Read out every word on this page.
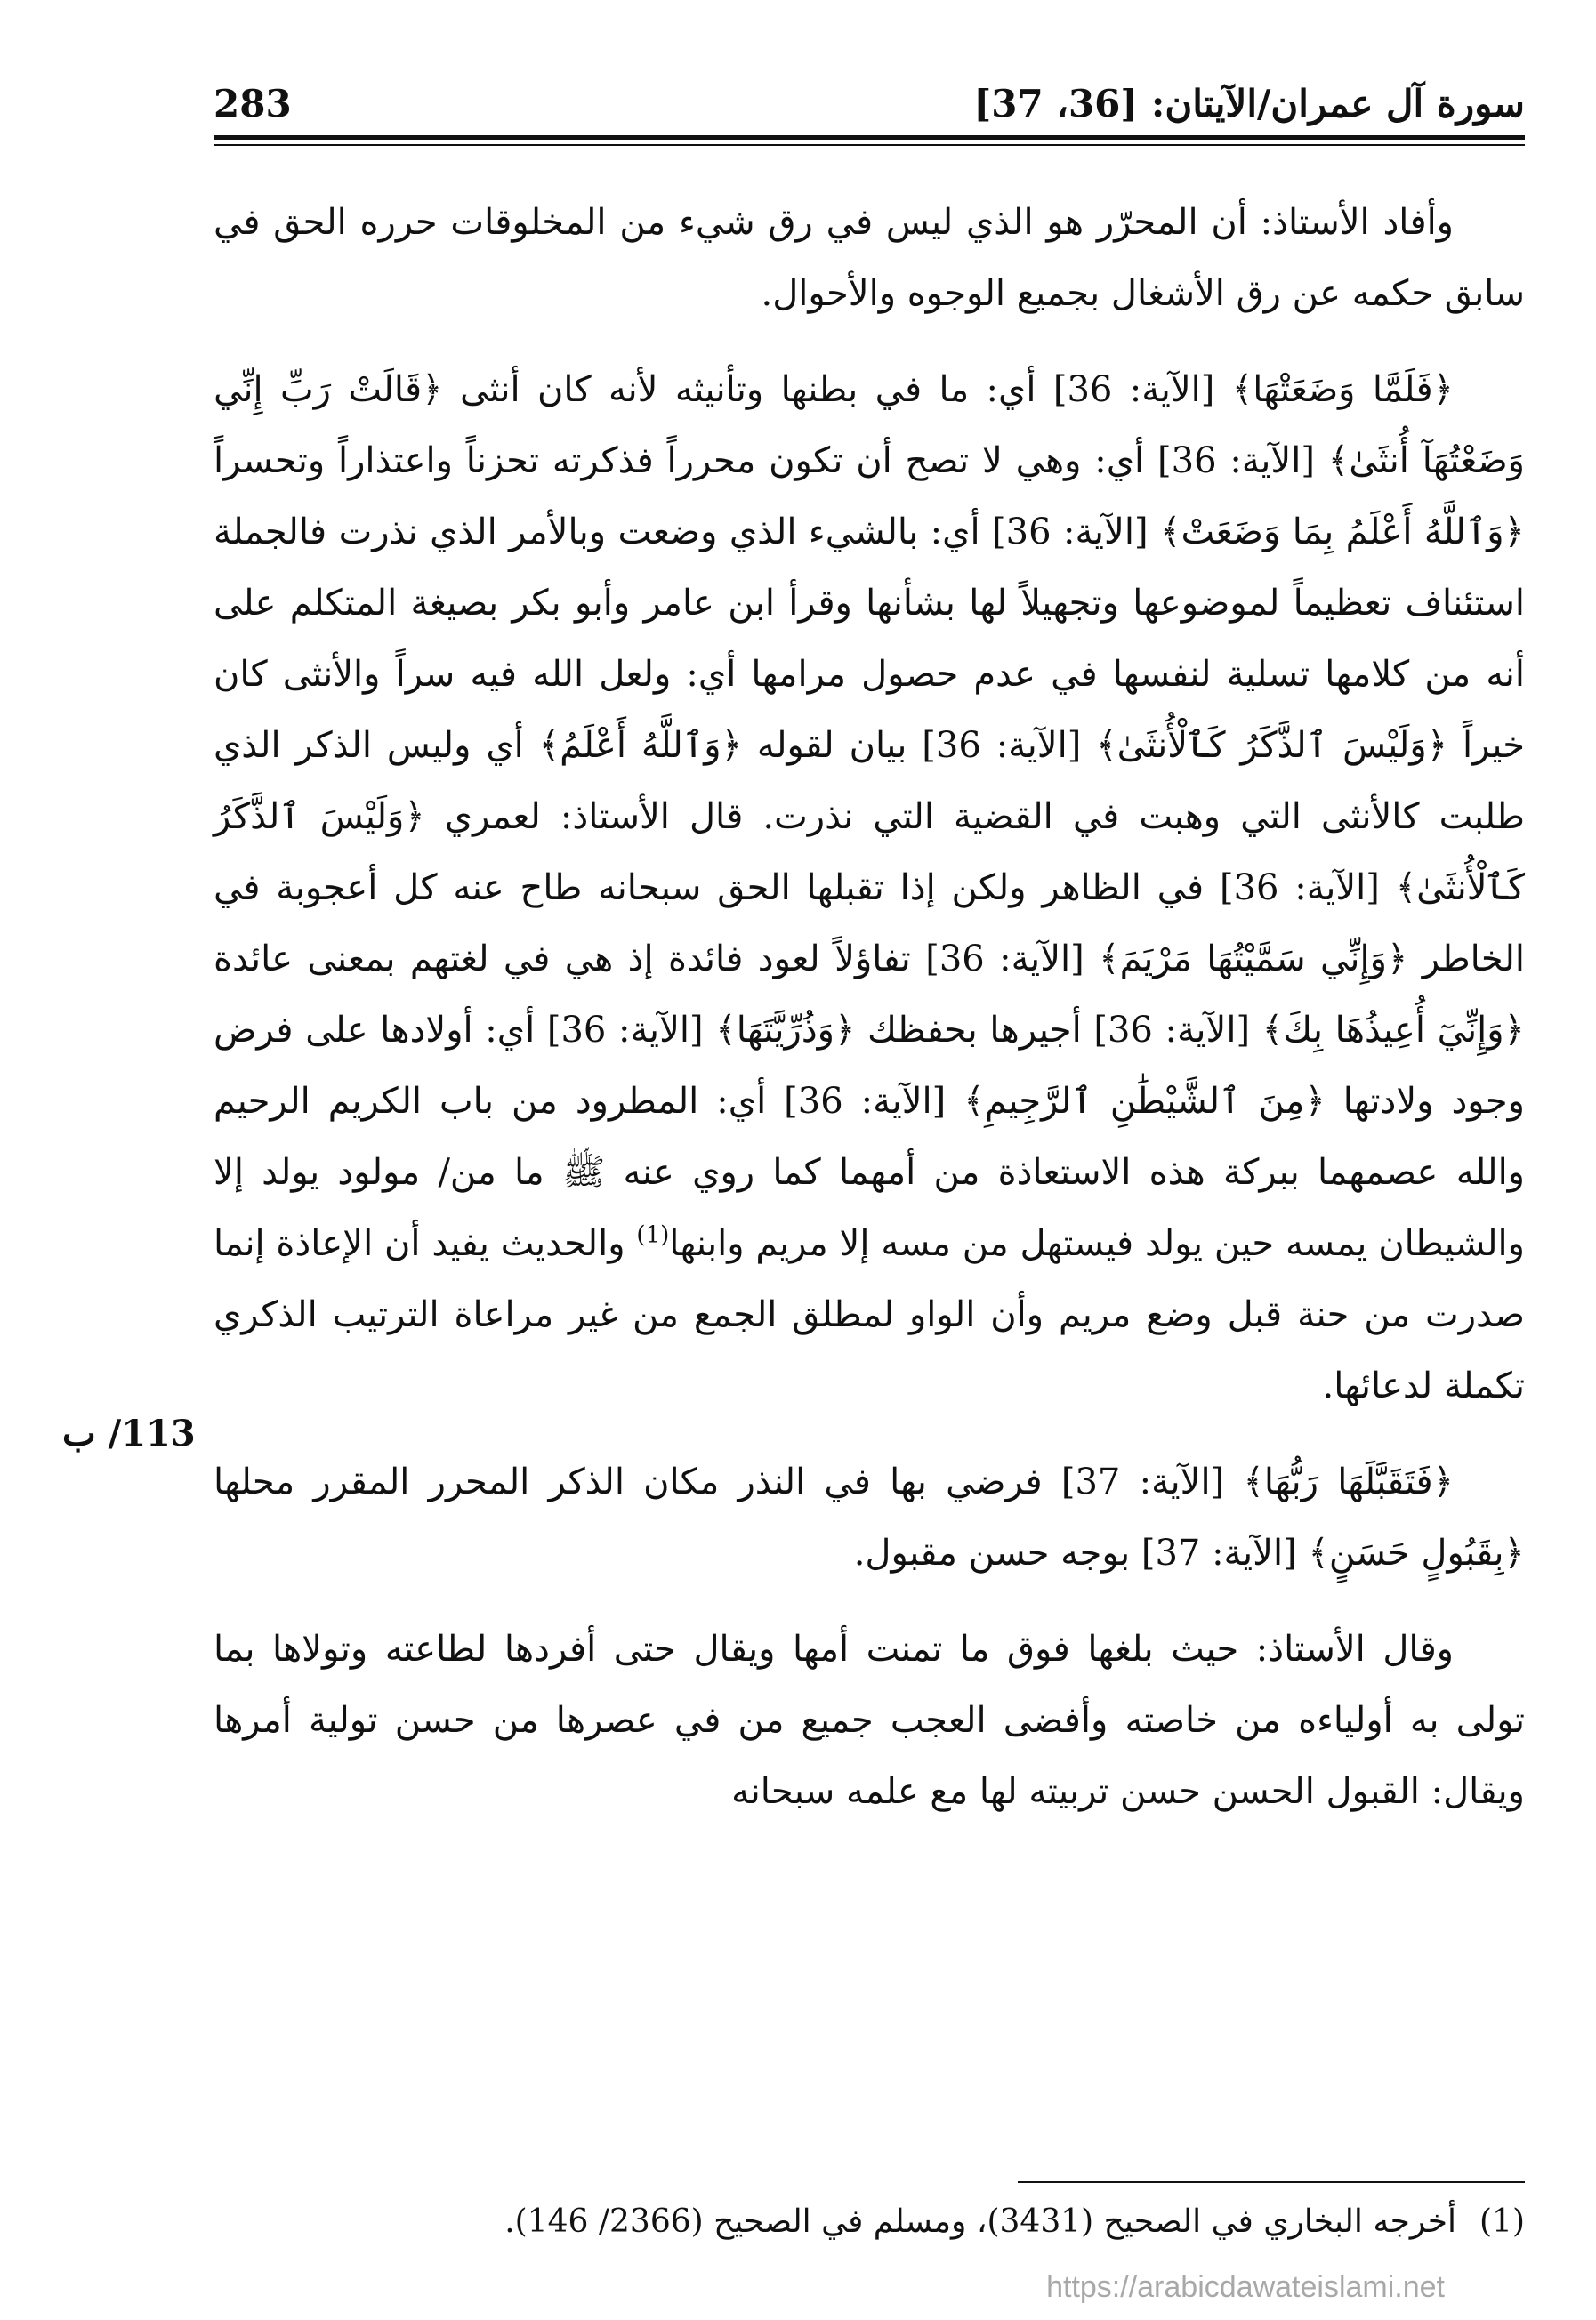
سورة آل عمران/الآيتان: [36، 37]
283

وأفاد الأستاذ: أن المحرّر هو الذي ليس في رق شيء من المخلوقات حرره الحق في سابق حكمه عن رق الأشغال بجميع الوجوه والأحوال.

﴿فَلَمَّا وَضَعَتْهَا﴾ [الآية: 36] أي: ما في بطنها وتأنيثه لأنه كان أنثى ﴿قَالَتْ رَبِّ إِنِّي وَضَعْتُهَآ أُنثَىٰ﴾ [الآية: 36] أي: وهي لا تصح أن تكون محرراً فذكرته تحزناً واعتذاراً وتحسراً ﴿وَٱللَّهُ أَعْلَمُ بِمَا وَضَعَتْ﴾ [الآية: 36] أي: بالشيء الذي وضعت وبالأمر الذي نذرت فالجملة استئناف تعظيماً لموضوعها وتجهيلاً لها بشأنها وقرأ ابن عامر وأبو بكر بصيغة المتكلم على أنه من كلامها تسلية لنفسها في عدم حصول مرامها أي: ولعل الله فيه سراً والأنثى كان خيراً ﴿وَلَيْسَ ٱلذَّكَرُ كَٱلْأُنثَىٰ﴾ [الآية: 36] بيان لقوله ﴿وَٱللَّهُ أَعْلَمُ﴾ أي وليس الذكر الذي طلبت كالأنثى التي وهبت في القضية التي نذرت. قال الأستاذ: لعمري ﴿وَلَيْسَ ٱلذَّكَرُ كَٱلْأُنثَىٰ﴾ [الآية: 36] في الظاهر ولكن إذا تقبلها الحق سبحانه طاح عنه كل أعجوبة في الخاطر ﴿وَإِنِّي سَمَّيْتُهَا مَرْيَمَ﴾ [الآية: 36] تفاؤلاً لعود فائدة إذ هي في لغتهم بمعنى عائدة ﴿وَإِنِّيٓ أُعِيذُهَا بِكَ﴾ [الآية: 36] أجيرها بحفظك ﴿وَذُرِّيَّتَهَا﴾ [الآية: 36] أي: أولادها على فرض وجود ولادتها ﴿مِنَ ٱلشَّيْطَٰنِ ٱلرَّجِيمِ﴾ [الآية: 36] أي: المطرود من باب الكريم الرحيم والله عصمهما ببركة هذه الاستعاذة من أمهما كما روي عنه ﷺ ما من/ مولود يولد إلا والشيطان يمسه حين يولد فيستهل من مسه إلا مريم وابنها$^{(1)}$ والحديث يفيد أن الإعاذة إنما صدرت من حنة قبل وضع مريم وأن الواو لمطلق الجمع من غير مراعاة الترتيب الذكري تكملة لدعائها.

﴿فَتَقَبَّلَهَا رَبُّهَا﴾ [الآية: 37] فرضي بها في النذر مكان الذكر المحرر المقرر محلها ﴿بِقَبُولٍ حَسَنٍ﴾ [الآية: 37] بوجه حسن مقبول.

وقال الأستاذ: حيث بلغها فوق ما تمنت أمها ويقال حتى أفردها لطاعته وتولاها بما تولى به أولياءه من خاصته وأفضى العجب جميع من في عصرها من حسن تولية أمرها ويقال: القبول الحسن حسن تربيته لها مع علمه سبحانه

113/ ب
(1)أخرجه البخاري في الصحيح (3431)، ومسلم في الصحيح (2366/ 146).
https://arabicdawateislami.net
